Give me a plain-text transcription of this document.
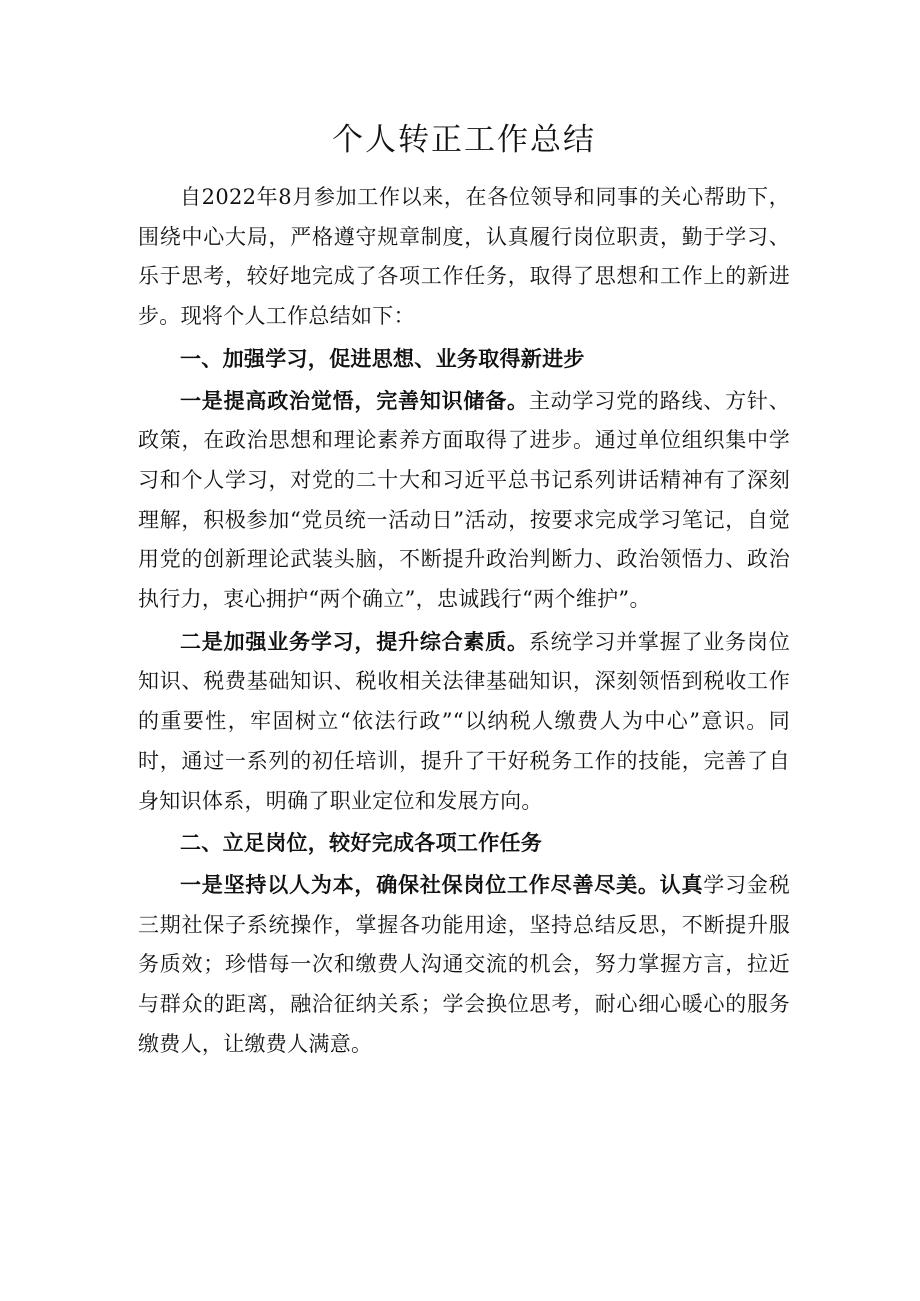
个人转正工作总结

自2022年8月参加工作以来，在各位领导和同事的关心帮助下，围绕中心大局，严格遵守规章制度，认真履行岗位职责，勤于学习、乐于思考，较好地完成了各项工作任务，取得了思想和工作上的新进步。现将个人工作总结如下：

一、加强学习，促进思想、业务取得新进步

一是提高政治觉悟，完善知识储备。主动学习党的路线、方针、政策，在政治思想和理论素养方面取得了进步。通过单位组织集中学习和个人学习，对党的二十大和习近平总书记系列讲话精神有了深刻理解，积极参加“党员统一活动日”活动，按要求完成学习笔记，自觉用党的创新理论武装头脑，不断提升政治判断力、政治领悟力、政治执行力，衷心拥护“两个确立”，忠诚践行“两个维护”。

二是加强业务学习，提升综合素质。系统学习并掌握了业务岗位知识、税费基础知识、税收相关法律基础知识，深刻领悟到税收工作的重要性，牢固树立“依法行政”“以纳税人缴费人为中心”意识。同时，通过一系列的初任培训，提升了干好税务工作的技能，完善了自身知识体系，明确了职业定位和发展方向。

二、立足岗位，较好完成各项工作任务

一是坚持以人为本，确保社保岗位工作尽善尽美。认真学习金税三期社保子系统操作，掌握各功能用途，坚持总结反思，不断提升服务质效；珍惜每一次和缴费人沟通交流的机会，努力掌握方言，拉近与群众的距离，融洽征纳关系；学会换位思考，耐心细心暖心的服务缴费人，让缴费人满意。
